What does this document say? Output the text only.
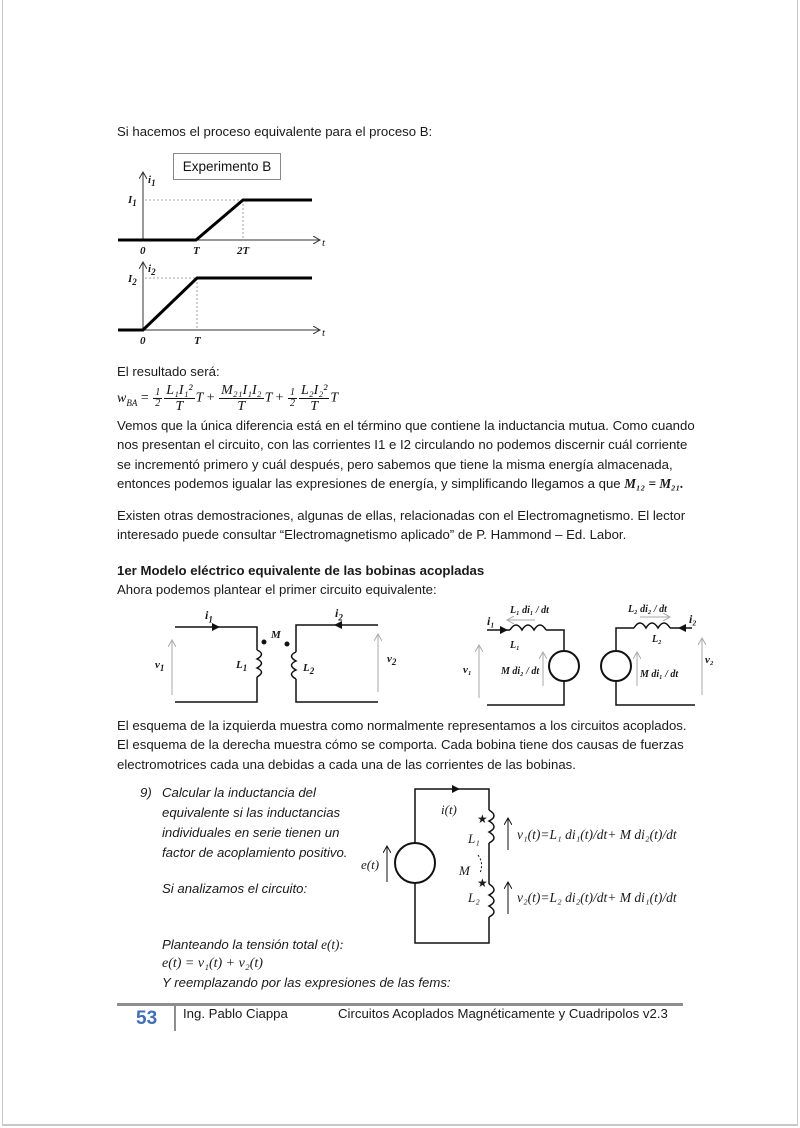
Si hacemos el proceso equivalente para el proceso B:
Experimento B
$i_1$
$I_1$
0	T	2T
t
$i_2$
$I_2$
0	T
t
El resultado será:
$w_{BA} = \frac{1}{2} \frac{\text{L₁I₁²}}{T}$ $T + \frac{\text{M₂₁I₁I₂}}{T}$ $T + \frac{1}{2} \frac{\text{L₂I₂²}}{T}$ T
Vemos que la única diferencia está en el término que contiene la inductancia mutua. Como cuando nos presentan el circuito, con las corrientes I1 e I2 circulando no podemos discernir cuál corriente se incrementó primero y cuál después, pero sabemos que tiene la misma energía almacenada, entonces podemos igualar las expresiones de energía, y simplificando llegamos a que M₁₂ = M₂₁.
Existen otras demostraciones, algunas de ellas, relacionadas con el Electromagnetismo. El lector interesado puede consultar “Electromagnetismo aplicado” de P. Hammond – Ed. Labor.
1er Modelo eléctrico equivalente de las bobinas acopladas
Ahora podemos plantear el primer circuito equivalente:
$i_1$	$i_2$
M
$v_1$
$v_2$
$L_1$	$L_2$
L₁ di₁ / dt	L₂ di₂ / dt
i₁	i₂
L₁
L₂
v₁
v₂
M di₂ / dt	M di₁ / dt
El esquema de la izquierda muestra como normalmente representamos a los circuitos acoplados. El esquema de la derecha muestra cómo se comporta. Cada bobina tiene dos causas de fuerzas electromotrices cada una debidas a cada una de las corrientes de las bobinas.
9) Calcular la inductancia del
equivalente si las inductancias
individuales en serie tienen un
factor de acoplamiento positivo.
Si analizamos el circuito:
★
★
i(t)
e(t)
L₁
M
L₂
v₁(t)=L₁ di₁(t)/dt+ M di₂(t)/dt
v₂(t)=L₂ di₂(t)/dt+ M di₁(t)/dt
Planteando la tensión total e(t):
e(t) = v₁(t) + v₂(t)
Y reemplazando por las expresiones de las fems:
53 Ing. Pablo Ciappa	Circuitos Acoplados Magnéticamente y Cuadripolos v2.3
